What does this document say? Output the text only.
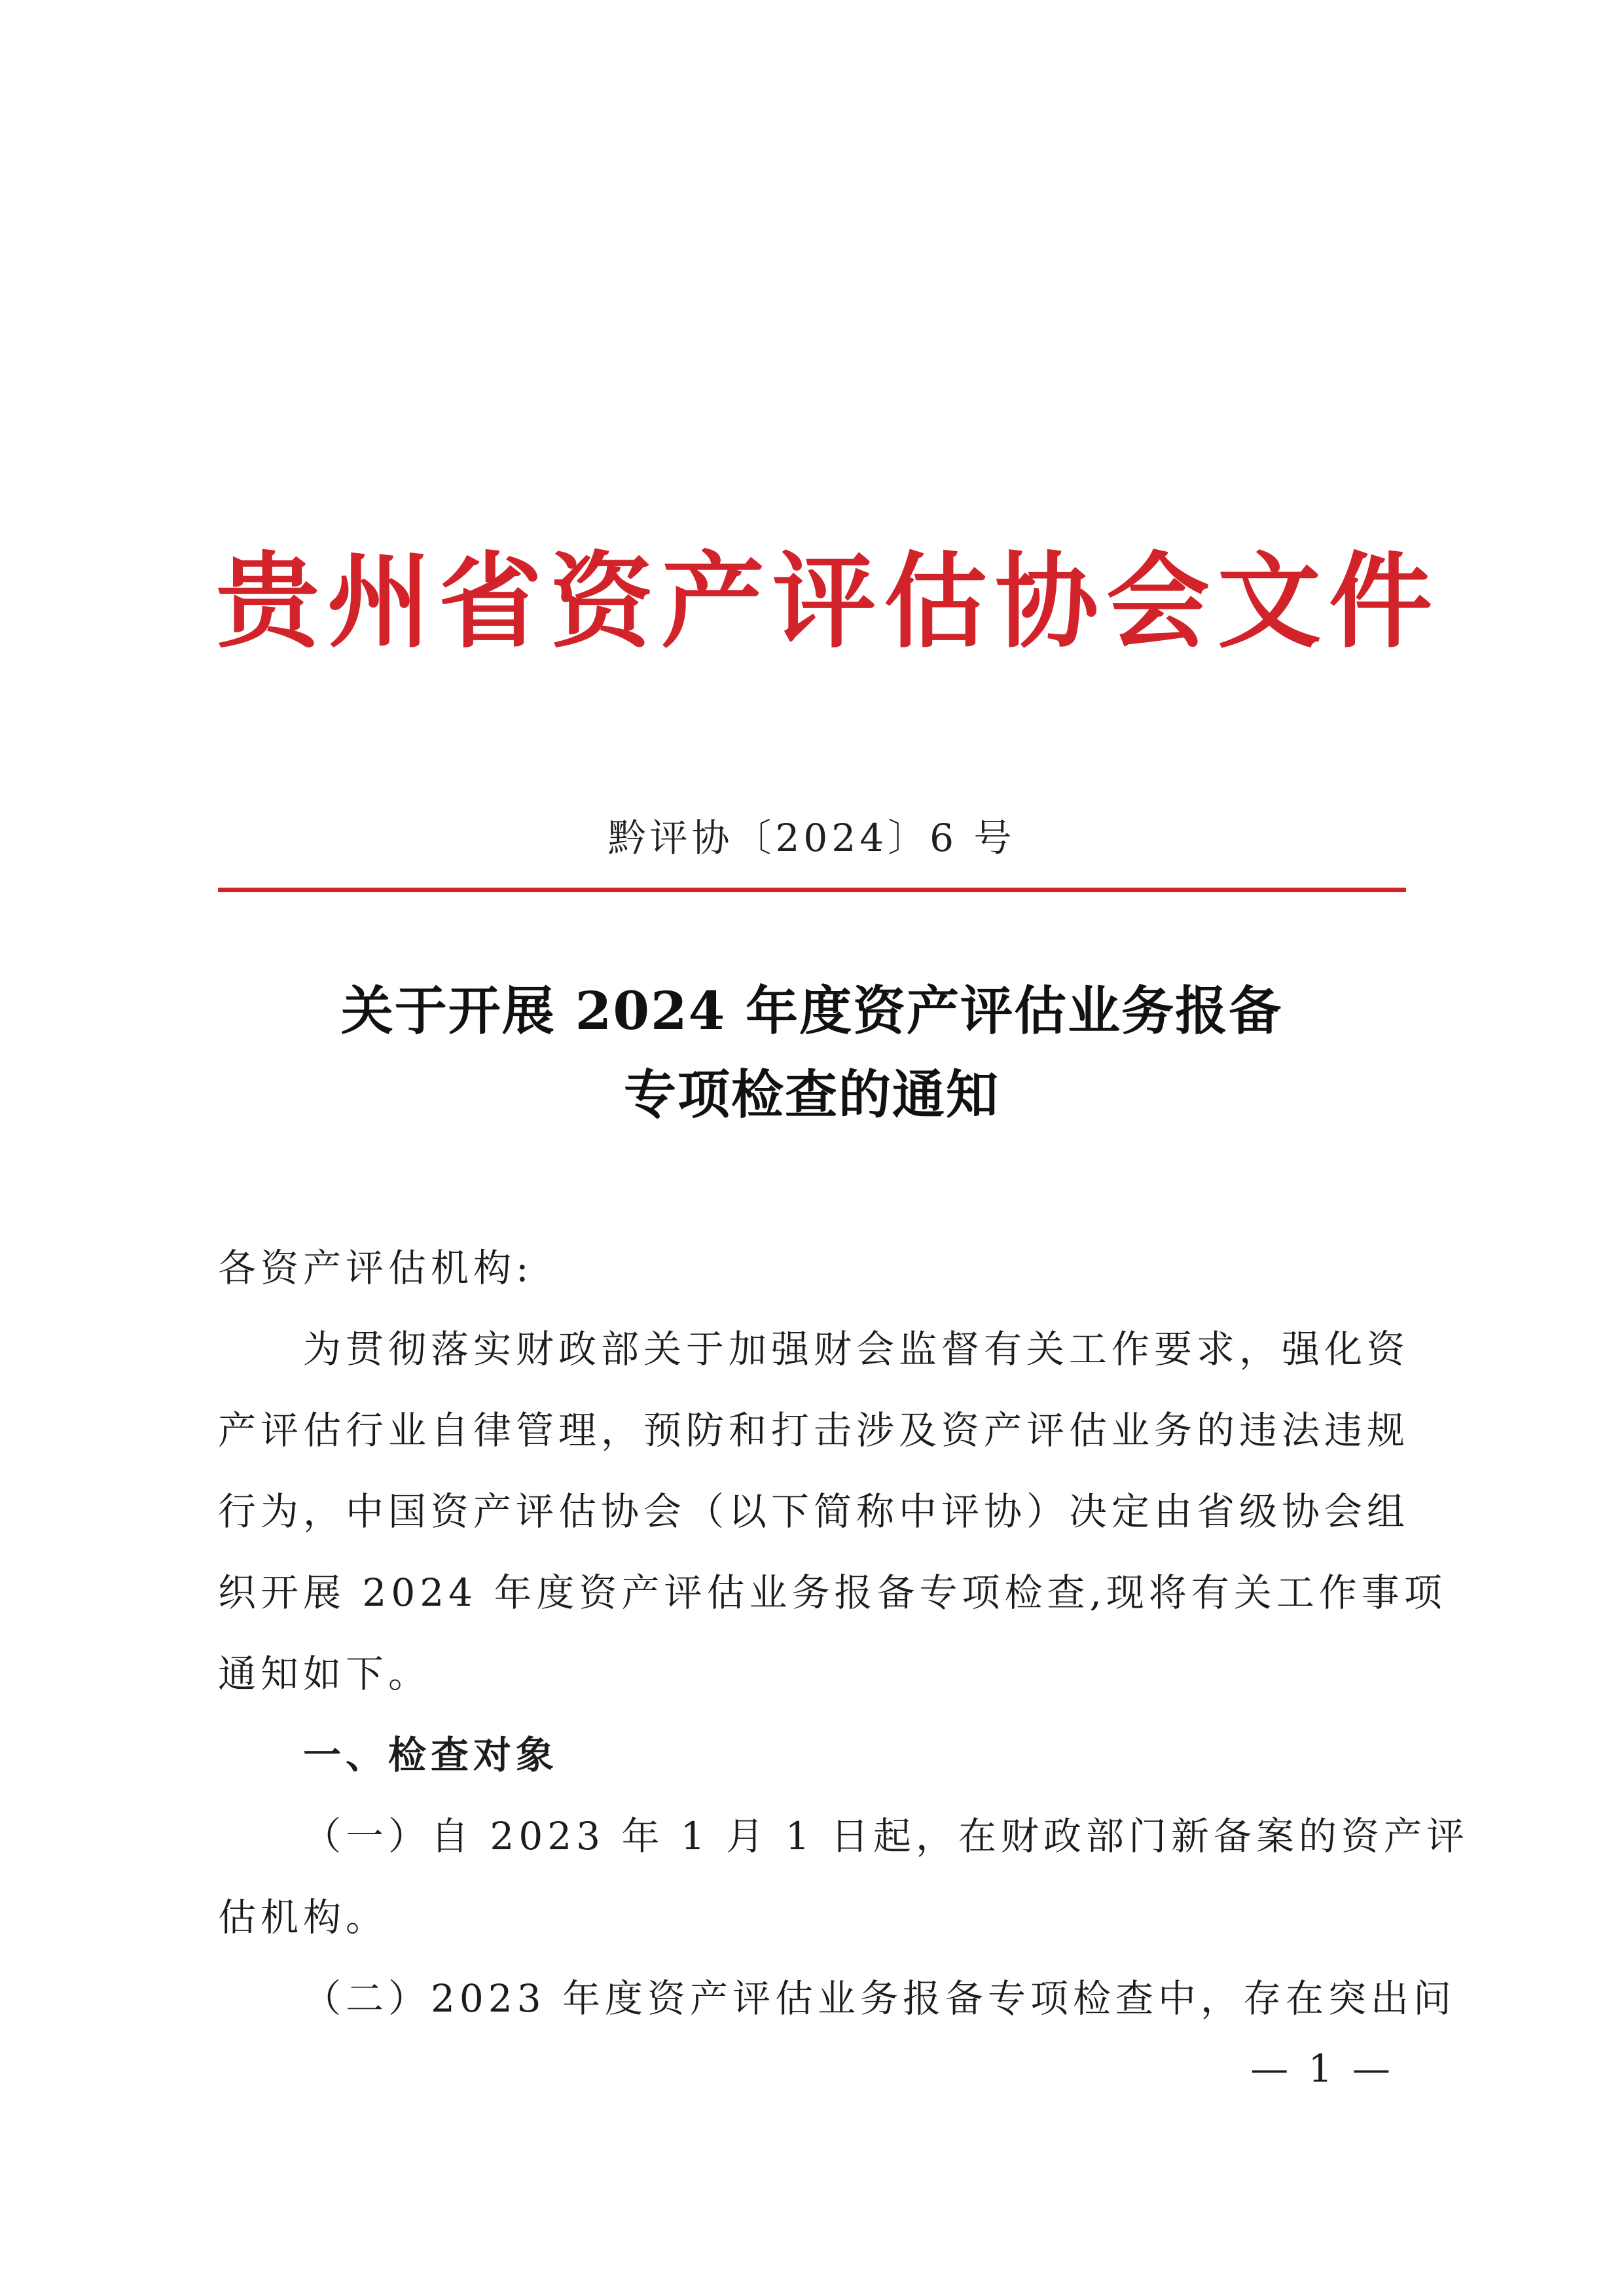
贵州省资产评估协会文件
黔评协〔2024〕6 号
关于开展 2024 年度资产评估业务报备
专项检查的通知
各资产评估机构:
为贯彻落实财政部关于加强财会监督有关工作要求，强化资
产评估行业自律管理，预防和打击涉及资产评估业务的违法违规
行为，中国资产评估协会（以下简称中评协）决定由省级协会组
织开展 2024 年度资产评估业务报备专项检查,现将有关工作事项
通知如下。
一、检查对象
（一）自 2023 年 1 月 1 日起，在财政部门新备案的资产评
估机构。
（二）2023 年度资产评估业务报备专项检查中，存在突出问
— 1 —
